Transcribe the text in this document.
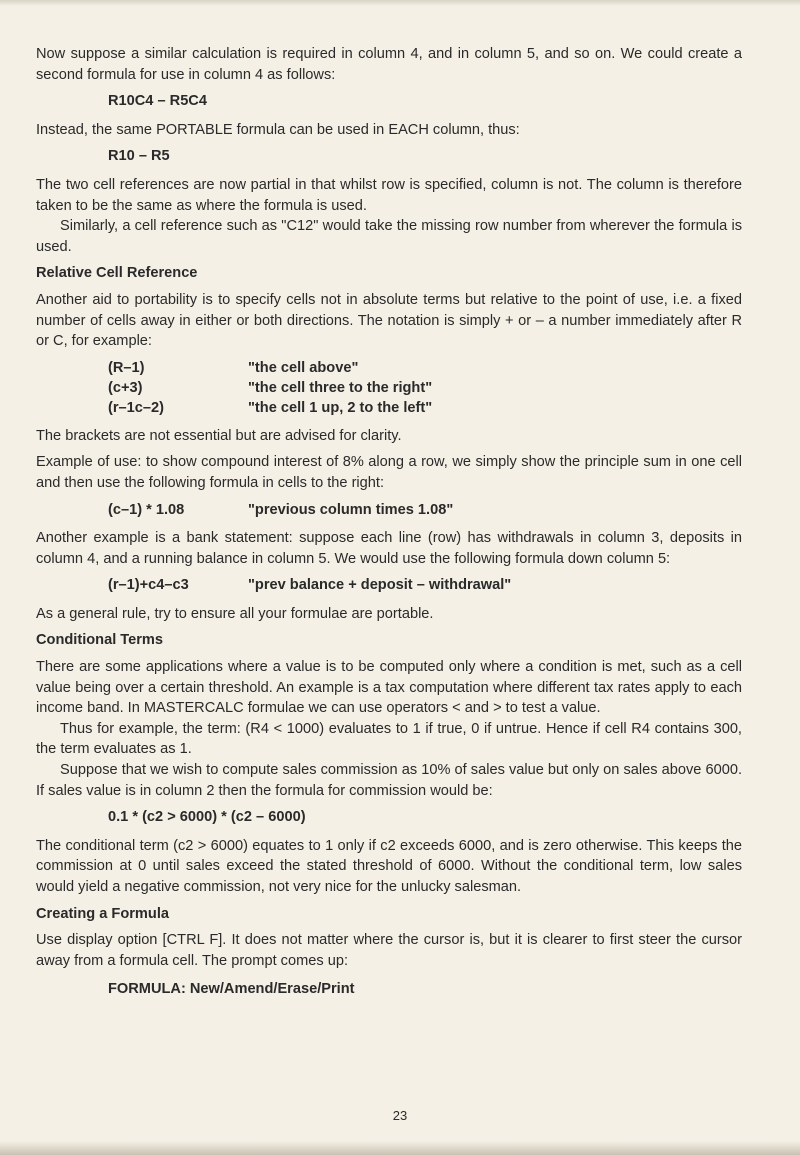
Now suppose a similar calculation is required in column 4, and in column 5, and so on. We could create a second formula for use in column 4 as follows:

R10C4 – R5C4

Instead, the same PORTABLE formula can be used in EACH column, thus:

R10 – R5

The two cell references are now partial in that whilst row is specified, column is not. The column is therefore taken to be the same as where the formula is used.

Similarly, a cell reference such as "C12" would take the missing row number from wherever the formula is used.

Relative Cell Reference

Another aid to portability is to specify cells not in absolute terms but relative to the point of use, i.e. a fixed number of cells away in either or both directions. The notation is simply + or – a number immediately after R or C, for example:

(R–1)	"the cell above"
(c+3)	"the cell three to the right"
(r–1c–2)	"the cell 1 up, 2 to the left"

The brackets are not essential but are advised for clarity.

Example of use: to show compound interest of 8% along a row, we simply show the principle sum in one cell and then use the following formula in cells to the right:

(c–1) * 1.08	"previous column times 1.08"

Another example is a bank statement: suppose each line (row) has withdrawals in column 3, deposits in column 4, and a running balance in column 5. We would use the following formula down column 5:

(r–1)+c4–c3	"prev balance + deposit – withdrawal"

As a general rule, try to ensure all your formulae are portable.

Conditional Terms

There are some applications where a value is to be computed only where a condition is met, such as a cell value being over a certain threshold. An example is a tax computation where different tax rates apply to each income band. In MASTERCALC formulae we can use operators < and > to test a value.

Thus for example, the term: (R4 < 1000) evaluates to 1 if true, 0 if untrue. Hence if cell R4 contains 300, the term evaluates as 1.

Suppose that we wish to compute sales commission as 10% of sales value but only on sales above 6000. If sales value is in column 2 then the formula for commission would be:

0.1 * (c2 > 6000) * (c2 – 6000)

The conditional term (c2 > 6000) equates to 1 only if c2 exceeds 6000, and is zero otherwise. This keeps the commission at 0 until sales exceed the stated threshold of 6000. Without the conditional term, low sales would yield a negative commission, not very nice for the unlucky salesman.

Creating a Formula

Use display option [CTRL F]. It does not matter where the cursor is, but it is clearer to first steer the cursor away from a formula cell. The prompt comes up:

FORMULA: New/Amend/Erase/Print
23
